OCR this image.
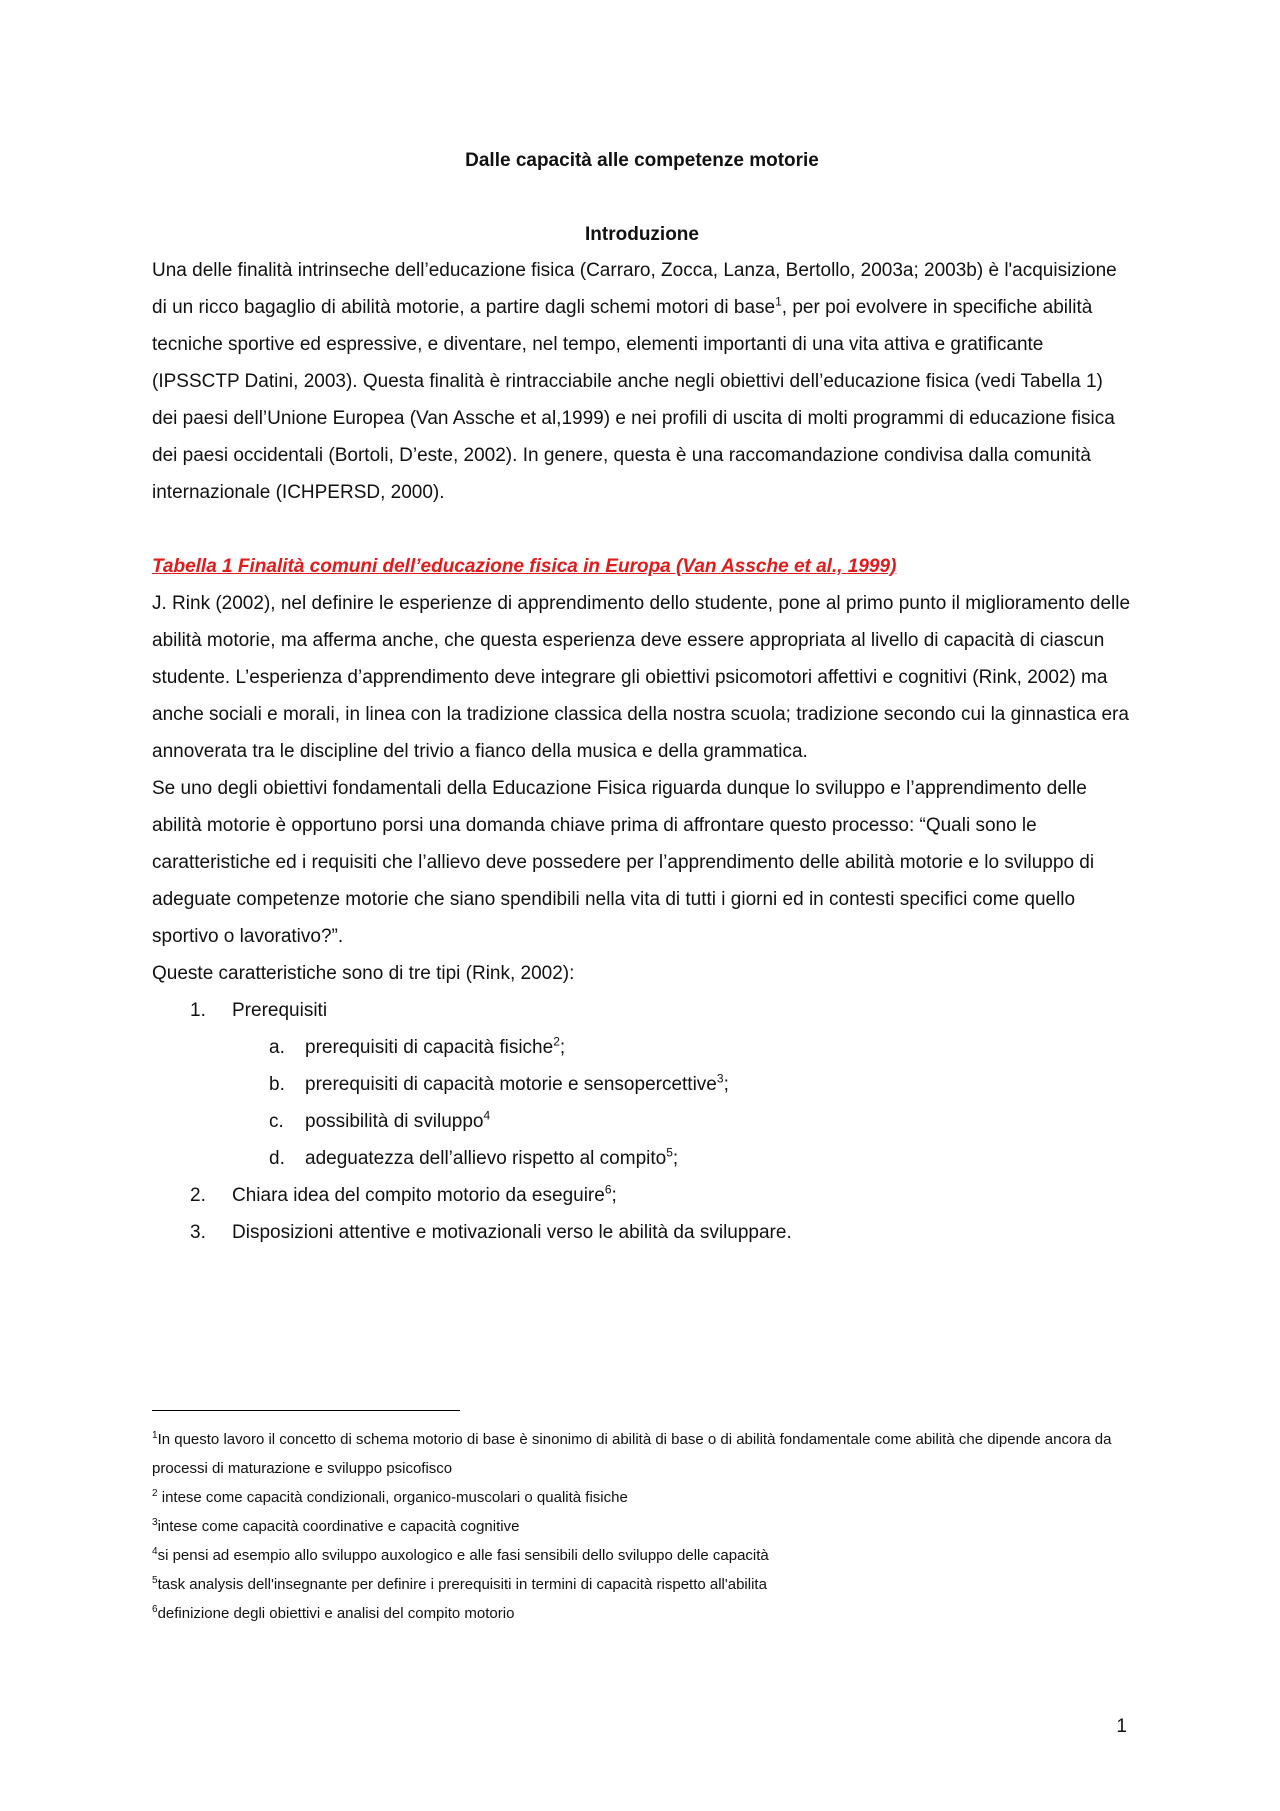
Dalle capacità alle competenze motorie
Introduzione

Una delle finalità intrinseche dell’educazione fisica (Carraro, Zocca, Lanza, Bertollo, 2003a; 2003b) è l'acquisizione di un ricco bagaglio di abilità motorie, a partire dagli schemi motori di base$^1$, per poi evolvere in specifiche abilità tecniche sportive ed espressive, e diventare, nel tempo, elementi importanti di una vita attiva e gratificante (IPSSCTP Datini, 2003). Questa finalità è rintracciabile anche negli obiettivi dell’educazione fisica (vedi Tabella 1) dei paesi dell’Unione Europea (Van Assche et al,1999) e nei profili di uscita di molti programmi di educazione fisica dei paesi occidentali (Bortoli, D’este, 2002). In genere, questa è una raccomandazione condivisa dalla comunità internazionale (ICHPERSD, 2000).

Tabella 1 Finalità comuni dell’educazione fisica in Europa (Van Assche et al., 1999)

J. Rink (2002), nel definire le esperienze di apprendimento dello studente, pone al primo punto il miglioramento delle abilità motorie, ma afferma anche, che questa esperienza deve essere appropriata al livello di capacità di ciascun studente. L’esperienza d’apprendimento deve integrare gli obiettivi psicomotori affettivi e cognitivi (Rink, 2002) ma anche sociali e morali, in linea con la tradizione classica della nostra scuola; tradizione secondo cui la ginnastica era annoverata tra le discipline del trivio a fianco della musica e della grammatica.

Se uno degli obiettivi fondamentali della Educazione Fisica riguarda dunque lo sviluppo e l’apprendimento delle abilità motorie è opportuno porsi una domanda chiave prima di affrontare questo processo: “Quali sono le caratteristiche ed i requisiti che l’allievo deve possedere per l’apprendimento delle abilità motorie e lo sviluppo di adeguate competenze motorie che siano spendibili nella vita di tutti i giorni ed in contesti specifici come quello sportivo o lavorativo?”.

Queste caratteristiche sono di tre tipi (Rink, 2002):

1. Prerequisiti
a. prerequisiti di capacità fisiche$^2$;
b. prerequisiti di capacità motorie e sensopercettive$^3$;
c. possibilità di sviluppo$^4$
d. adeguatezza dell’allievo rispetto al compito$^5$;
2. Chiara idea del compito motorio da eseguire$^6$;
3. Disposizioni attentive e motivazionali verso le abilità da sviluppare.

$^1$In questo lavoro il concetto di schema motorio di base è sinonimo di abilità di base o di abilità fondamentale come abilità che dipende ancora da processi di maturazione e sviluppo psicofisco

$^2$ intese come capacità condizionali, organico-muscolari o qualità fisiche

$^3$intese come capacità coordinative e capacità cognitive

$^4$si pensi ad esempio allo sviluppo auxologico e alle fasi sensibili dello sviluppo delle capacità

$^5$task analysis dell'insegnante per definire i prerequisiti in termini di capacità rispetto all'abilita

$^6$definizione degli obiettivi e analisi del compito motorio

1
